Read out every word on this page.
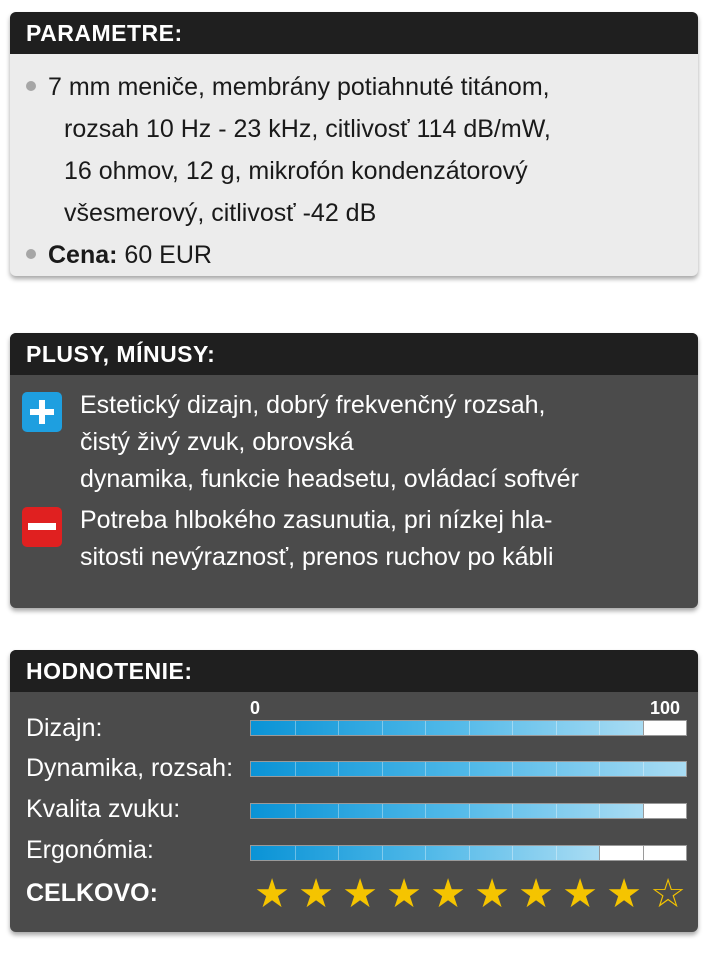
PARAMETRE:
7 mm meniče, membrány potiahnuté titánom,
rozsah 10 Hz - 23 kHz, citlivosť 114 dB/mW,
16 ohmov, 12 g, mikrofón kondenzátorový
všesmerový, citlivosť -42 dB
Cena: 60 EUR
PLUSY, MÍNUSY:
Estetický dizajn, dobrý frekvenčný rozsah,
čistý živý zvuk, obrovská
dynamika, funkcie headsetu, ovládací softvér
Potreba hlbokého zasunutia, pri nízkej hla-
sitosti nevýraznosť, prenos ruchov po kábli
HODNOTENIE:
0	100
Dizajn:
Dynamika, rozsah:
Kvalita zvuku:
Ergonómia:
CELKOVO: ★ ★ ★ ★ ★ ★ ★ ★ ★ ☆
